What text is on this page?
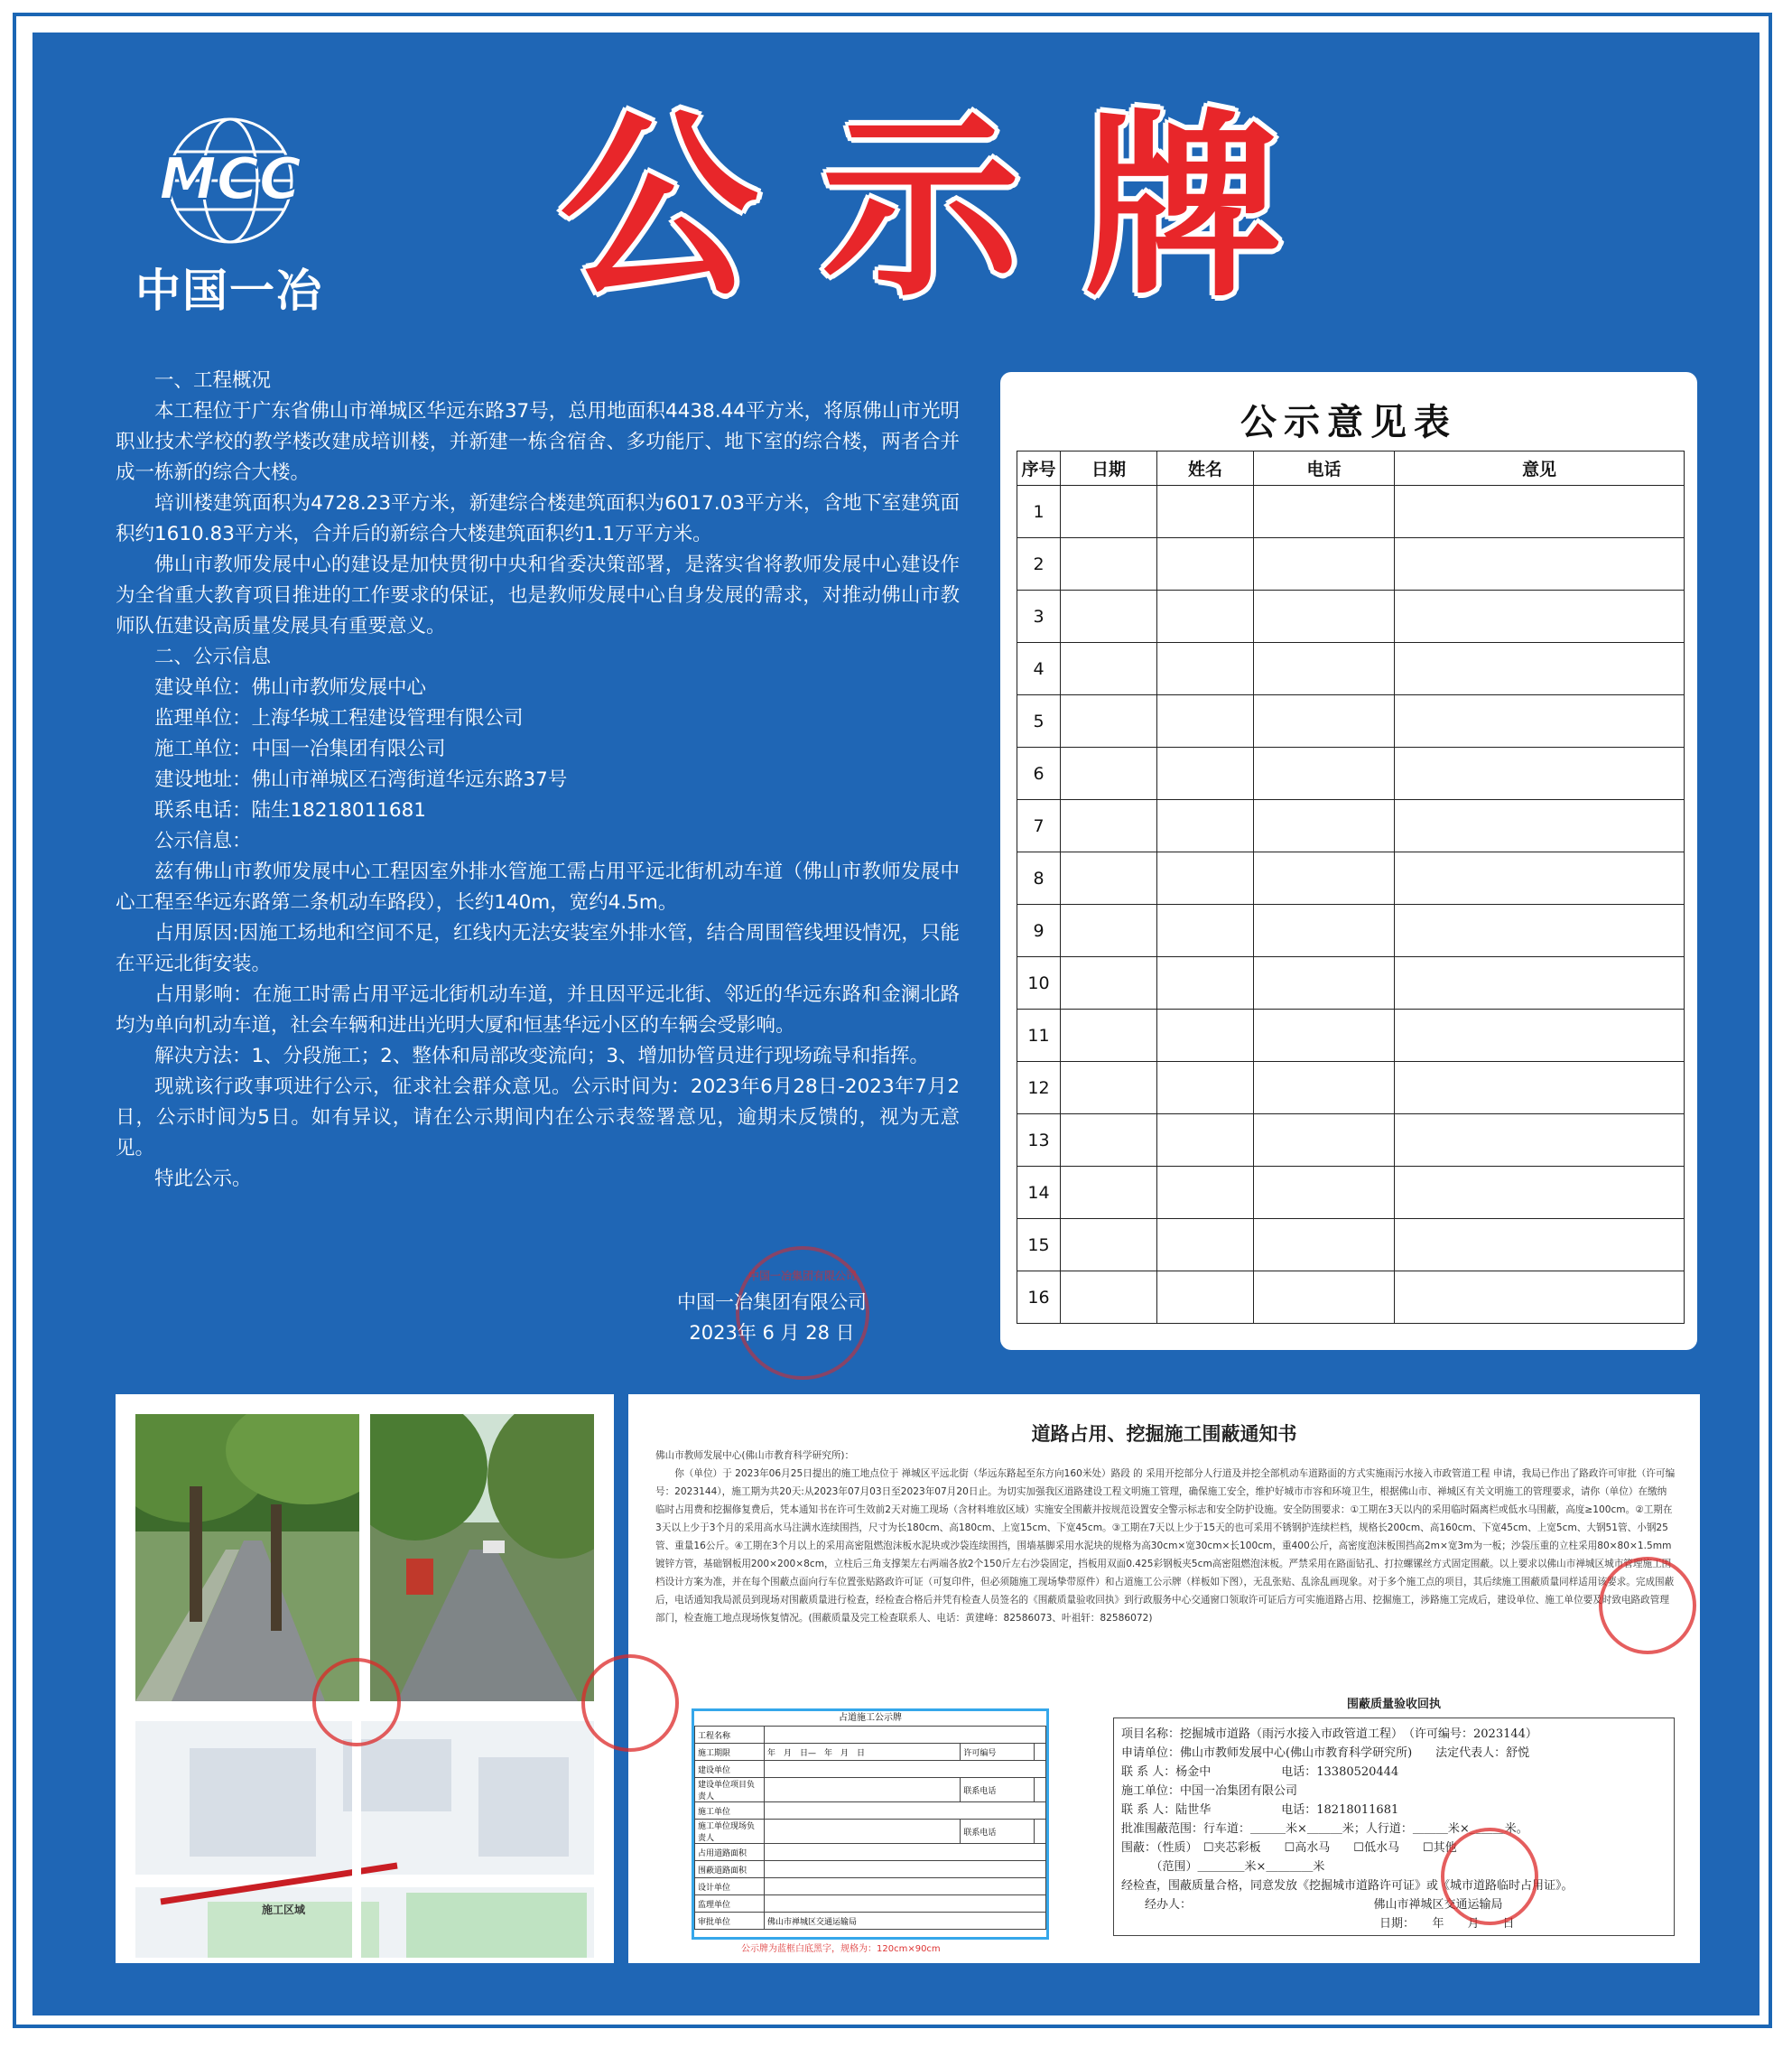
MCC
中国一冶 公示牌

一、工程概况

本工程位于广东省佛山市禅城区华远东路37号，总用地面积4438.44平方米，将原佛山市光明职业技术学校的教学楼改建成培训楼，并新建一栋含宿舍、多功能厅、地下室的综合楼，两者合并成一栋新的综合大楼。

培训楼建筑面积为4728.23平方米，新建综合楼建筑面积为6017.03平方米，含地下室建筑面积约1610.83平方米，合并后的新综合大楼建筑面积约1.1万平方米。

佛山市教师发展中心的建设是加快贯彻中央和省委决策部署，是落实省将教师发展中心建设作为全省重大教育项目推进的工作要求的保证，也是教师发展中心自身发展的需求，对推动佛山市教师队伍建设高质量发展具有重要意义。

二、公示信息

建设单位：佛山市教师发展中心

监理单位：上海华城工程建设管理有限公司

施工单位：中国一冶集团有限公司

建设地址：佛山市禅城区石湾街道华远东路37号

联系电话：陆生18218011681

公示信息：

兹有佛山市教师发展中心工程因室外排水管施工需占用平远北街机动车道（佛山市教师发展中心工程至华远东路第二条机动车路段），长约140m，宽约4.5m。

占用原因:因施工场地和空间不足，红线内无法安装室外排水管，结合周围管线埋设情况，只能在平远北街安装。

占用影响：在施工时需占用平远北街机动车道，并且因平远北街、邻近的华远东路和金澜北路均为单向机动车道，社会车辆和进出光明大厦和恒基华远小区的车辆会受影响。

解决方法：1、分段施工；2、整体和局部改变流向；3、增加协管员进行现场疏导和指挥。

现就该行政事项进行公示，征求社会群众意见。公示时间为：2023年6月28日-2023年7月2日，公示时间为5日。如有异议，请在公示期间内在公示表签署意见，逾期未反馈的，视为无意见。

特此公示。

中国一冶集团有限公司
中国一冶集团有限公司
2023年 6 月 28 日
公示意见表
序号	日期	姓名	电话	意见
1				
2				
3				
4				
5				
6				
7				
8				
9				
10				
11				
12				
13				
14				
15				
16				
施工区域
道路占用、挖掘施工围蔽通知书
佛山市教师发展中心(佛山市教育科学研究所)：
你（单位）于 2023年06月25日提出的施工地点位于 禅城区平远北街（华远东路起至东方向160米处）路段 的 采用开挖部分人行道及并挖全部机动车道路面的方式实施雨污水接入市政管道工程 申请，我局已作出了路政许可审批（许可编号：2023144），施工期为共20天:从2023年07月03日至2023年07月20日止。为切实加强我区道路建设工程文明施工管理，确保施工安全，维护好城市市容和环境卫生，根据佛山市、禅城区有关文明施工的管理要求，请你（单位）在缴纳临时占用费和挖掘修复费后，凭本通知书在许可生效前2天对施工现场（含材料堆放区域）实施安全围蔽并按规范设置安全警示标志和安全防护设施。安全防围要求：①工期在3天以内的采用临时隔离栏或低水马围蔽，高度≥100cm。②工期在3天以上少于3个月的采用高水马注满水连续围挡，尺寸为长180cm、高180cm、上宽15cm、下宽45cm。③工期在7天以上少于15天的也可采用不锈钢护连续栏档，规格长200cm、高160cm、下宽45cm、上宽5cm、大钢51管、小钢25管、重量16公斤。④工期在3个月以上的采用高密阻燃泡沫板水泥块或沙袋连续围挡，围墙基脚采用水泥块的规格为高30cm×宽30cm×长100cm，重400公斤，高密度泡沫板围挡高2m×宽3m为一板；沙袋压重的立柱采用80×80×1.5mm 镀锌方管，基础钢板用200×200×8cm，立柱后三角支撑架左右两端各放2个150斤左右沙袋固定，挡板用双面0.425彩钢板夹5cm高密阻燃泡沫板。严禁采用在路面钻孔、打拉螺镙丝方式固定围蔽。以上要求以佛山市禅城区城市管理施工围档设计方案为准，并在每个围蔽点面向行车位置张贴路政许可证（可复印件，但必须随施工现场挚带原件）和占道施工公示牌（样板如下图），无乱张贴、乱涂乱画现象。对于多个施工点的项目，其后续施工围蔽质量同样适用该要求。完成围蔽后，电话通知我局派员到现场对围蔽质量进行检查，经检查合格后并凭有检查人员签名的《围蔽质量验收回执》到行政服务中心交通窗口领取许可证后方可实施道路占用、挖掘施工，涉路施工完成后，建设单位、施工单位要及时致电路政管理部门，检查施工地点现场恢复情况。(围蔽质量及完工检查联系人、电话：黄建峰：82586073、叶祖轩：82586072)
占道施工公示牌
工程名称			
施工期限	年　月　日—　年　月　日	许可编号	
建设单位			
建设单位项目负责人		联系电话	
施工单位			
施工单位现场负责人		联系电话	
占用道路面积			
围蔽道路面积			
设计单位			
监理单位			
审批单位	佛山市禅城区交通运输局		
公示牌为蓝框白底黑字，规格为：120cm×90cm
围蔽质量验收回执
项目名称：挖掘城市道路（雨污水接入市政管道工程）　（许可编号：2023144）
申请单位：佛山市教师发展中心(佛山市教育科学研究所)　　法定代表人：舒悦
联 系 人：杨金中　　　　　　电话：13380520444
施工单位：中国一冶集团有限公司
联 系 人：陆世华　　　　　　电话：18218011681
批准围蔽范围：行车道：＿＿＿米×＿＿＿米；人行道：＿＿＿米×＿＿＿米。
围蔽：（性质）　☐夹芯彩板　　☐高水马　　☐低水马　　☐其他
　　　（范围）＿＿＿＿米×＿＿＿＿米
经检查，围蔽质量合格，同意发放《挖掘城市道路许可证》或《城市道路临时占用证》。
　　经办人：　　　　　　　　　　　　　　　　佛山市禅城区交通运输局
　　　　　　　　　　　　　　　　　　　　　　日期：　　年　　月　　日
